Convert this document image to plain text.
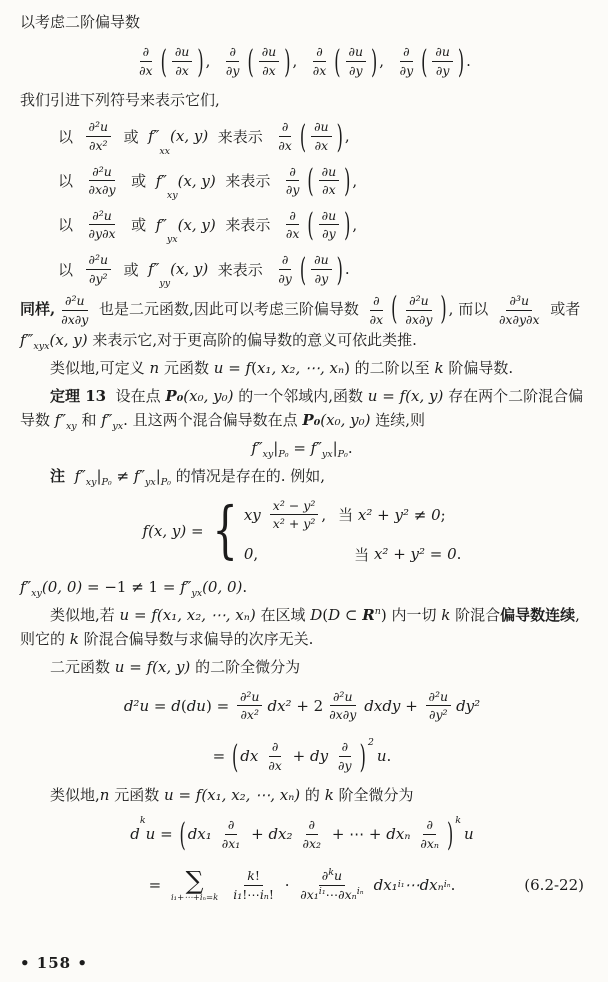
以考虑二阶偏导数
∂
∂x ( ∂u
∂x ) ,
∂
∂y ( ∂u
∂x ) ,
∂
∂x ( ∂u
∂y ) ,
∂
∂y ( ∂u
∂y ) .
我们引进下列符号来表示它们,
以
∂²u
∂x² 或 f″
xx
(x, y) 来表示
∂
∂x ( ∂u
∂x ) ,
以
∂²u
∂x∂y 或 f″
xy
(x, y) 来表示
∂
∂y ( ∂u
∂x ) ,
以
∂²u
∂y∂x 或 f″
yx
(x, y) 来表示
∂
∂x ( ∂u
∂y ) ,
以
∂²u
∂y² 或 f″
yy
(x, y) 来表示
∂
∂y ( ∂u
∂y ) .
同样, $\frac{\text{∂²u}}{\partial x\partial y}$ 也是二元函数,因此可以考虑三阶偏导数 ∂
∂x ( $\frac{\text{∂²u}}{\partial x\partial y}$ ) , 而以 $\frac{\text{∂³u}}{\partial x\partial y\partial x}$ 或者 $f‴_{xyx}(x$, y) 来表示它,对于更高阶的偏导数的意义可依此类推.
类似地,可定义 n 元函数 u = f(x₁, x₂, ⋯, xₙ) 的二阶以至 k 阶偏导数.
定理 13  设在点 P₀(x₀, y₀) 的一个邻域内,函数 u = f(x, y) 存在两个二阶混合偏导数 $f''_{xy}$ 和 $f''_{yx}$. 且这两个混合偏导数在点 P₀(x₀, y₀) 连续,则
f″ xy | P₀ = f″ yx | P₀ .
注 $f''_{xy}|_{P_0} \ne f''_{yx}|_{P_0}$ 的情况是存在的. 例如,
f(x, y) = { xy
x² − y²
x² + y² , 当 x² + y² ≠ 0 ;
0 ,	当 x² + y² = 0 .
$f''_{xy}(0$, $0) = -1 \ne 1 = f''_{yx}(0$, 0).
类似地,若 u = f(x₁, x₂, ⋯, xₙ) 在区域 D(D ⊂ $R^n$) 内一切 k 阶混合偏导数连续,则它的 k 阶混合偏导数与求偏导的次序无关.
二元函数 u = f(x, y) 的二阶全微分为
d²u = d ( du ) = $\frac{\text{∂²u}}{\text{∂x²}} dx^2 + 2$
∂²u
∂x∂y dxdy + $\frac{\text{∂²u}}{\text{∂y²}} dy^2$
= ( dx
∂
∂x + dy
∂
∂y ) 2
u .
类似地,n 元函数 u = f(x₁, x₂, ⋯, xₙ) 的 k 阶全微分为
d
k
u = ( dx₁
∂
∂x₁ + dx₂
∂
∂x₂ + ⋯ + dxₙ
∂
∂xₙ ) k
u
= ∑
i₁+⋯+iₙ=k
k!
i₁!⋯iₙ! ·
∂$^k$u
∂x₁$^{i_1}$⋯∂xₙ$^{i_n}$ dx₁ i₁ ⋯dxₙ iₙ .	(6.2-22)
• 158 •
